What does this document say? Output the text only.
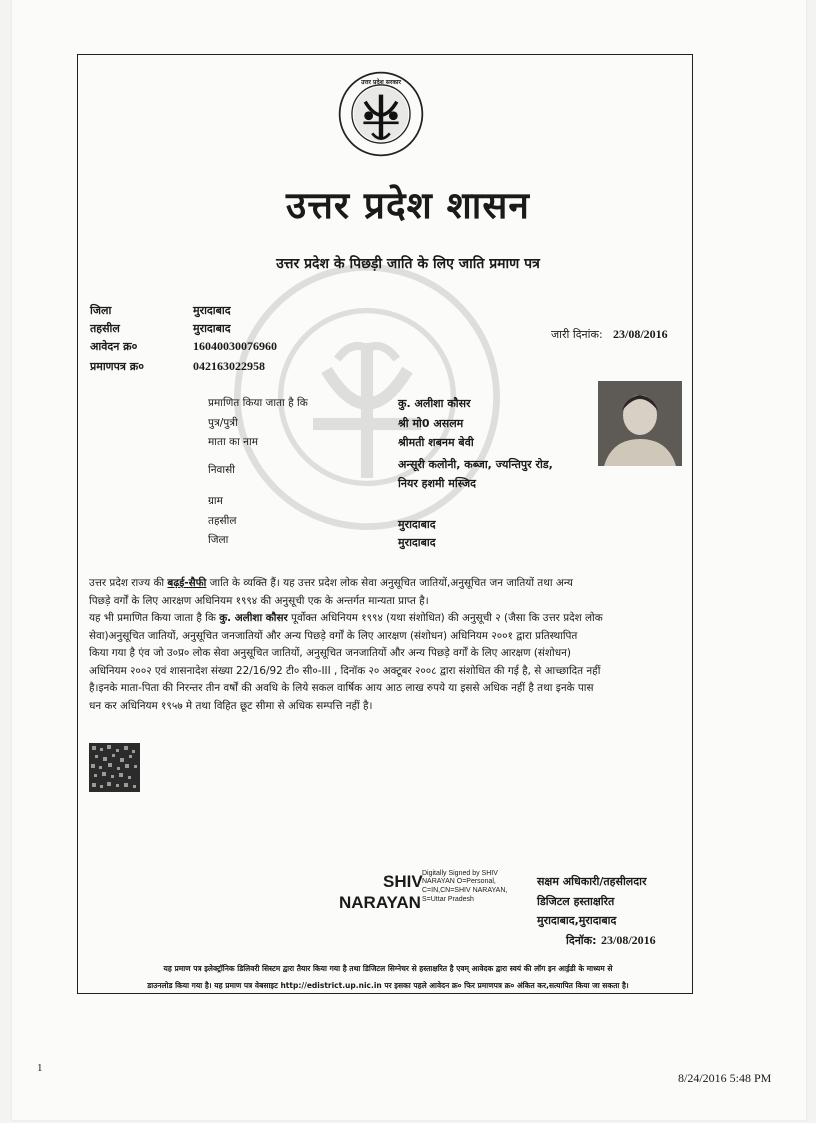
उत्तर प्रदेश सरकार
उत्तर प्रदेश शासन
उत्तर प्रदेश के पिछड़ी जाति के लिए जाति प्रमाण पत्र
जिला	मुरादाबाद
तहसील	मुरादाबाद
आवेदन क्र०	160400300769​60
प्रमाणपत्र क्र०	042163022958
जारी दिनांक: 23/08/2016
प्रमाणित किया जाता है कि	कु. अलीशा कौसर
पुत्र/पुत्री	श्री मो0 असलम
माता का नाम	श्रीमती शबनम बेवी
निवासी	अन्सूरी कलोनी, कब्जा, ज्यन्तिपुर रोड,
नियर हशमी मस्जिद
ग्राम
तहसील	मुरादाबाद
जिला	मुरादाबाद

उत्तर प्रदेश राज्य की बढ़ई-सैफी जाति के व्यक्ति हैं। यह उत्तर प्रदेश लोक सेवा अनुसूचित जातियों,अनुसूचित जन जातियों तथा अन्य

पिछड़े वर्गों के लिए आरक्षण अधिनियम १९९४ की अनुसूची एक के अन्तर्गत मान्यता प्राप्त है।

यह भी प्रमाणित किया जाता है कि कु. अलीशा कौसर पूर्वोक्त अधिनियम १९९४ (यथा संशोधित) की अनुसूची २ (जैसा कि उत्तर प्रदेश लोक

सेवा)अनुसूचित जातियों, अनुसूचित जनजातियों और अन्य पिछड़े वर्गों के लिए आरक्षण (संशोधन) अधिनियम २००१ द्वारा प्रतिस्थापित

किया गया है एंव जो उ०प्र० लोक सेवा अनुसूचित जातियों, अनुसूचित जनजातियों और अन्य पिछड़े वर्गों के लिए आरक्षण (संशोधन)

अधिनियम २००२ एवं शासनादेश संख्या 22/16/92 टी० सी०-III , दिनॉक २० अक्टूबर २००८ द्वारा संशोधित की गई है, से आच्छादित नहीं

है।इनके माता-पिता की निरन्तर तीन वर्षों की अवधि के लिये सकल वार्षिक आय आठ लाख रुपये या इससे अधिक नहीं है तथा इनके पास

धन कर अधिनियम १९५७ मे तथा विहित छूट सीमा से अधिक सम्पत्ति नहीं है।

SHIV
NARAYAN
Digitally Signed by SHIV
NARAYAN O=Personal,
C=IN,CN=SHIV NARAYAN,
S=Uttar Pradesh
सक्षम अधिकारी/तहसीलदार
डिजिटल हस्ताक्षरित
मुरादाबाद,मुरादाबाद
दिनॉक: 23/08/2016
यह प्रमाण पत्र इलेक्ट्रॉनिक डिलिवरी सिस्टम द्वारा तैयार किया गया है तथा डिजिटल सिग्नेचर से हस्ताक्षरित है एवम् आवेदक द्वारा स्वयं की लॉग इन आई़डी के माध्यम से
डाउनलोड किया गया है। यह प्रमाण पत्र वेबसाइट http://edistrict.up.nic.in पर इसका पहले आवेदन क्र० फिर प्रमाणपत्र क्र० अंकित कर,सत्यापित किया जा सकता है।
1
8/24/2016 5:48 PM
